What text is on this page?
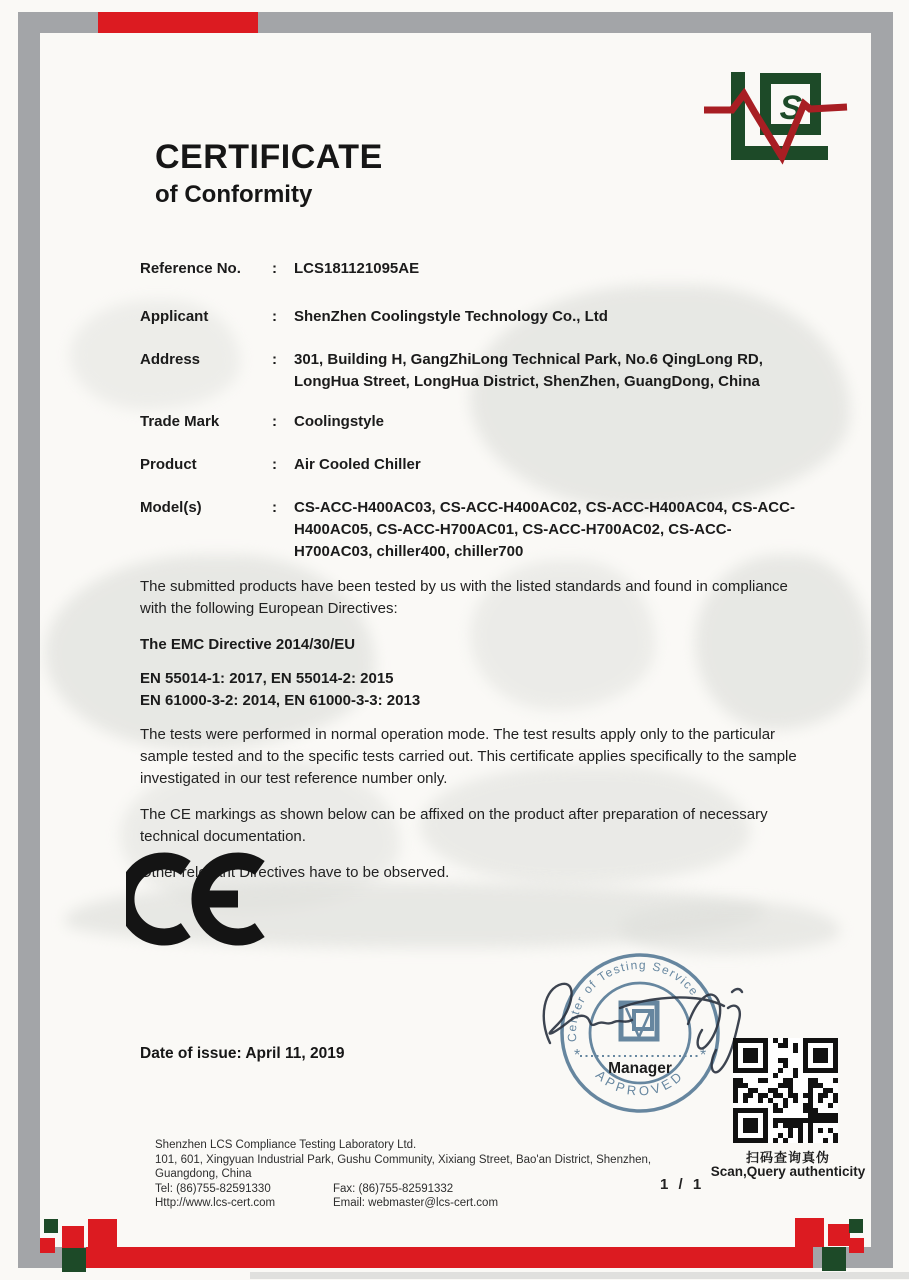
S
CERTIFICATE
of Conformity
Reference No.	:	LCS181121095AE
Applicant	:	ShenZhen Coolingstyle Technology Co., Ltd
Address	:	301, Building H, GangZhiLong Technical Park, No.6 QingLong RD, LongHua Street, LongHua District, ShenZhen, GuangDong, China
Trade Mark	:	Coolingstyle
Product	:	Air Cooled Chiller
Model(s)	:	CS-ACC-H400AC03, CS-ACC-H400AC02, CS-ACC-H400AC04, CS-ACC-H400AC05, CS-ACC-H700AC01, CS-ACC-H700AC02, CS-ACC-H700AC03, chiller400, chiller700

The submitted products have been tested by us with the listed standards and found in compliance with the following European Directives:

The EMC Directive 2014/30/EU

EN 55014-1: 2017, EN 55014-2: 2015
EN 61000-3-2: 2014, EN 61000-3-3: 2013

The tests were performed in normal operation mode. The test results apply only to the particular sample tested and to the specific tests carried out. This certificate applies specifically to the sample investigated in our test reference number only.

The CE markings as shown below can be affixed on the product after preparation of necessary technical documentation.

Other relevant Directives have to be observed.

Date of issue: April 11, 2019
Center of Testing Service
APPROVED
*	*
Manager
扫码查询真伪
Scan,Query authenticity
1 / 1
Shenzhen LCS Compliance Testing Laboratory Ltd.
101, 601, Xingyuan Industrial Park, Gushu Community, Xixiang Street, Bao'an District, Shenzhen,
Guangdong, China
Tel: (86)755-82591330	Fax: (86)755-82591332
Http://www.lcs-cert.com	Email: webmaster@lcs-cert.com
